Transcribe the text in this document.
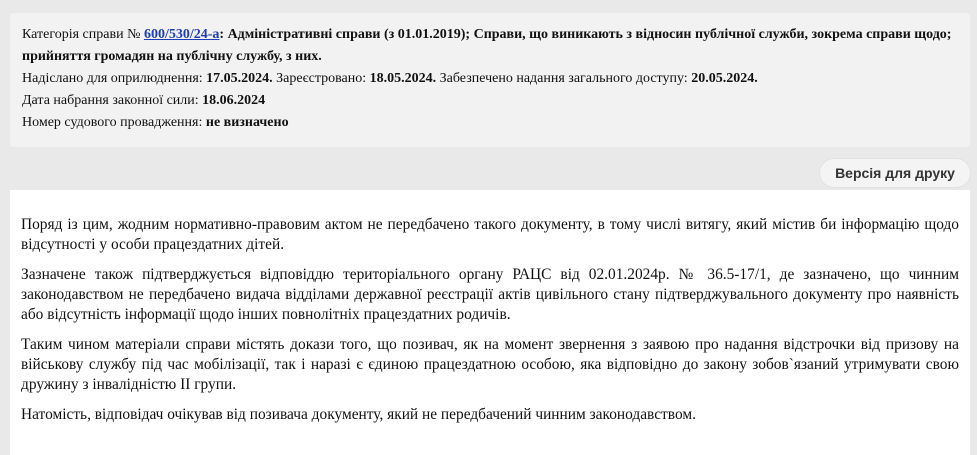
Категорія справи № 600/530/24-а: Адміністративні справи (з 01.01.2019); Справи, що виникають з відносин публічної служби, зокрема справи щодо; прийняття громадян на публічну службу, з них.

Надіслано для оприлюднення: 17.05.2024. Зареєстровано: 18.05.2024. Забезпечено надання загального доступу: 20.05.2024.

Дата набрання законної сили: 18.06.2024

Номер судового провадження: не визначено

Версія для друку

Поряд із цим, жодним нормативно-правовим актом не передбачено такого документу, в тому числі витягу, який містив би інформацію щодо відсутності у особи працездатних дітей.

Зазначене також підтверджується відповіддю територіального органу РАЦС від 02.01.2024р. № 36.5-17/1, де зазначено, що чинним законодавством не передбачено видача відділами державної реєстрації актів цивільного стану підтверджувального документу про наявність або відсутність інформації щодо інших повнолітніх працездатних родичів.

Таким чином матеріали справи містять докази того, що позивач, як на момент звернення з заявою про надання відстрочки від призову на військову службу під час мобілізації, так і наразі є єдиною працездатною особою, яка відповідно до закону зобов`язаний утримувати свою дружину з інвалідністю ІІ групи.

Натомість, відповідач очікував від позивача документу, який не передбачений чинним законодавством.
